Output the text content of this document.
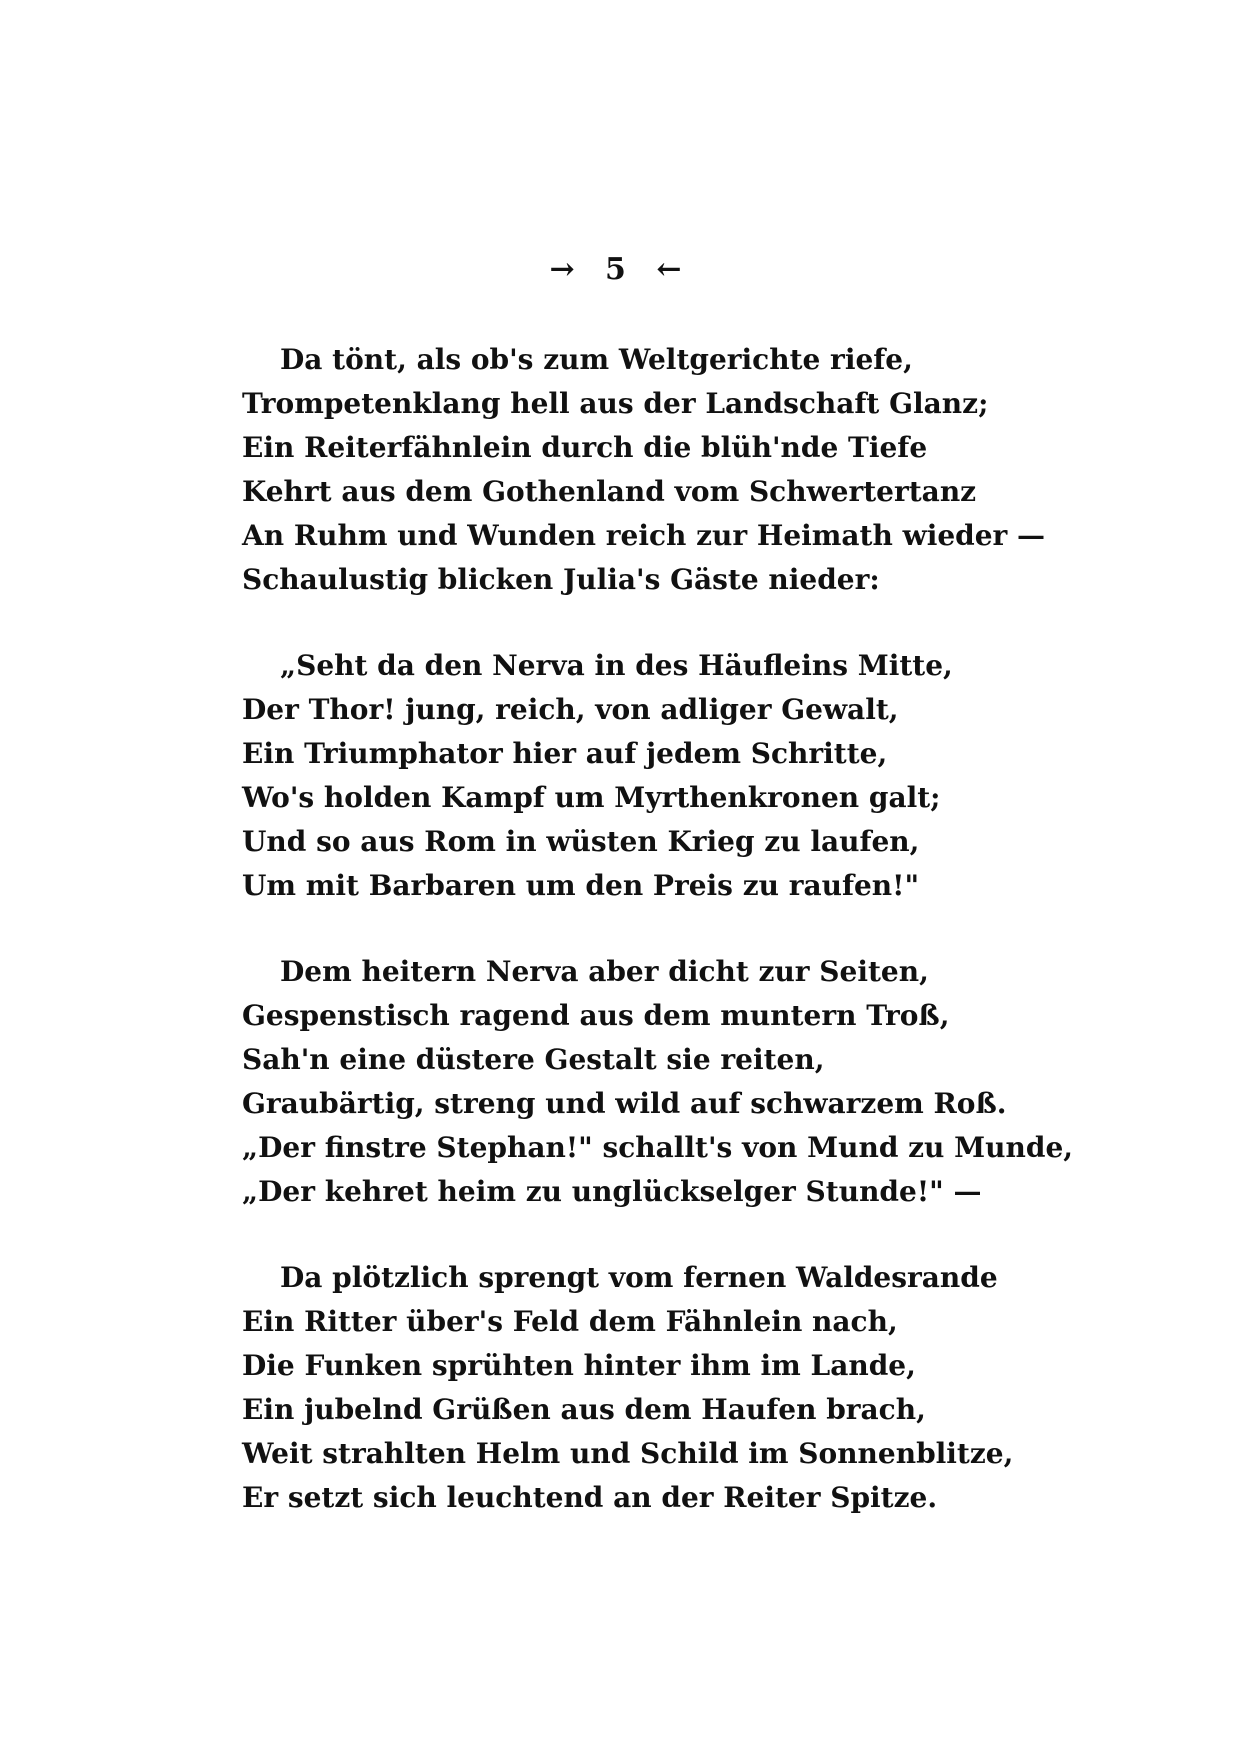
→ 5 ←
Da tönt, als ob's zum Weltgerichte riefe,
Trompetenklang hell aus der Landschaft Glanz;
Ein Reiterfähnlein durch die blüh'nde Tiefe
Kehrt aus dem Gothenland vom Schwertertanz
An Ruhm und Wunden reich zur Heimath wieder —
Schaulustig blicken Julia's Gäste nieder:
„Seht da den Nerva in des Häufleins Mitte,
Der Thor! jung, reich, von adliger Gewalt,
Ein Triumphator hier auf jedem Schritte,
Wo's holden Kampf um Myrthenkronen galt;
Und so aus Rom in wüsten Krieg zu laufen,
Um mit Barbaren um den Preis zu raufen!"
Dem heitern Nerva aber dicht zur Seiten,
Gespenstisch ragend aus dem muntern Troß,
Sah'n eine düstere Gestalt sie reiten,
Graubärtig, streng und wild auf schwarzem Roß.
„Der finstre Stephan!" schallt's von Mund zu Munde,
„Der kehret heim zu unglückselger Stunde!" —
Da plötzlich sprengt vom fernen Waldesrande
Ein Ritter über's Feld dem Fähnlein nach,
Die Funken sprühten hinter ihm im Lande,
Ein jubelnd Grüßen aus dem Haufen brach,
Weit strahlten Helm und Schild im Sonnenblitze,
Er setzt sich leuchtend an der Reiter Spitze.
